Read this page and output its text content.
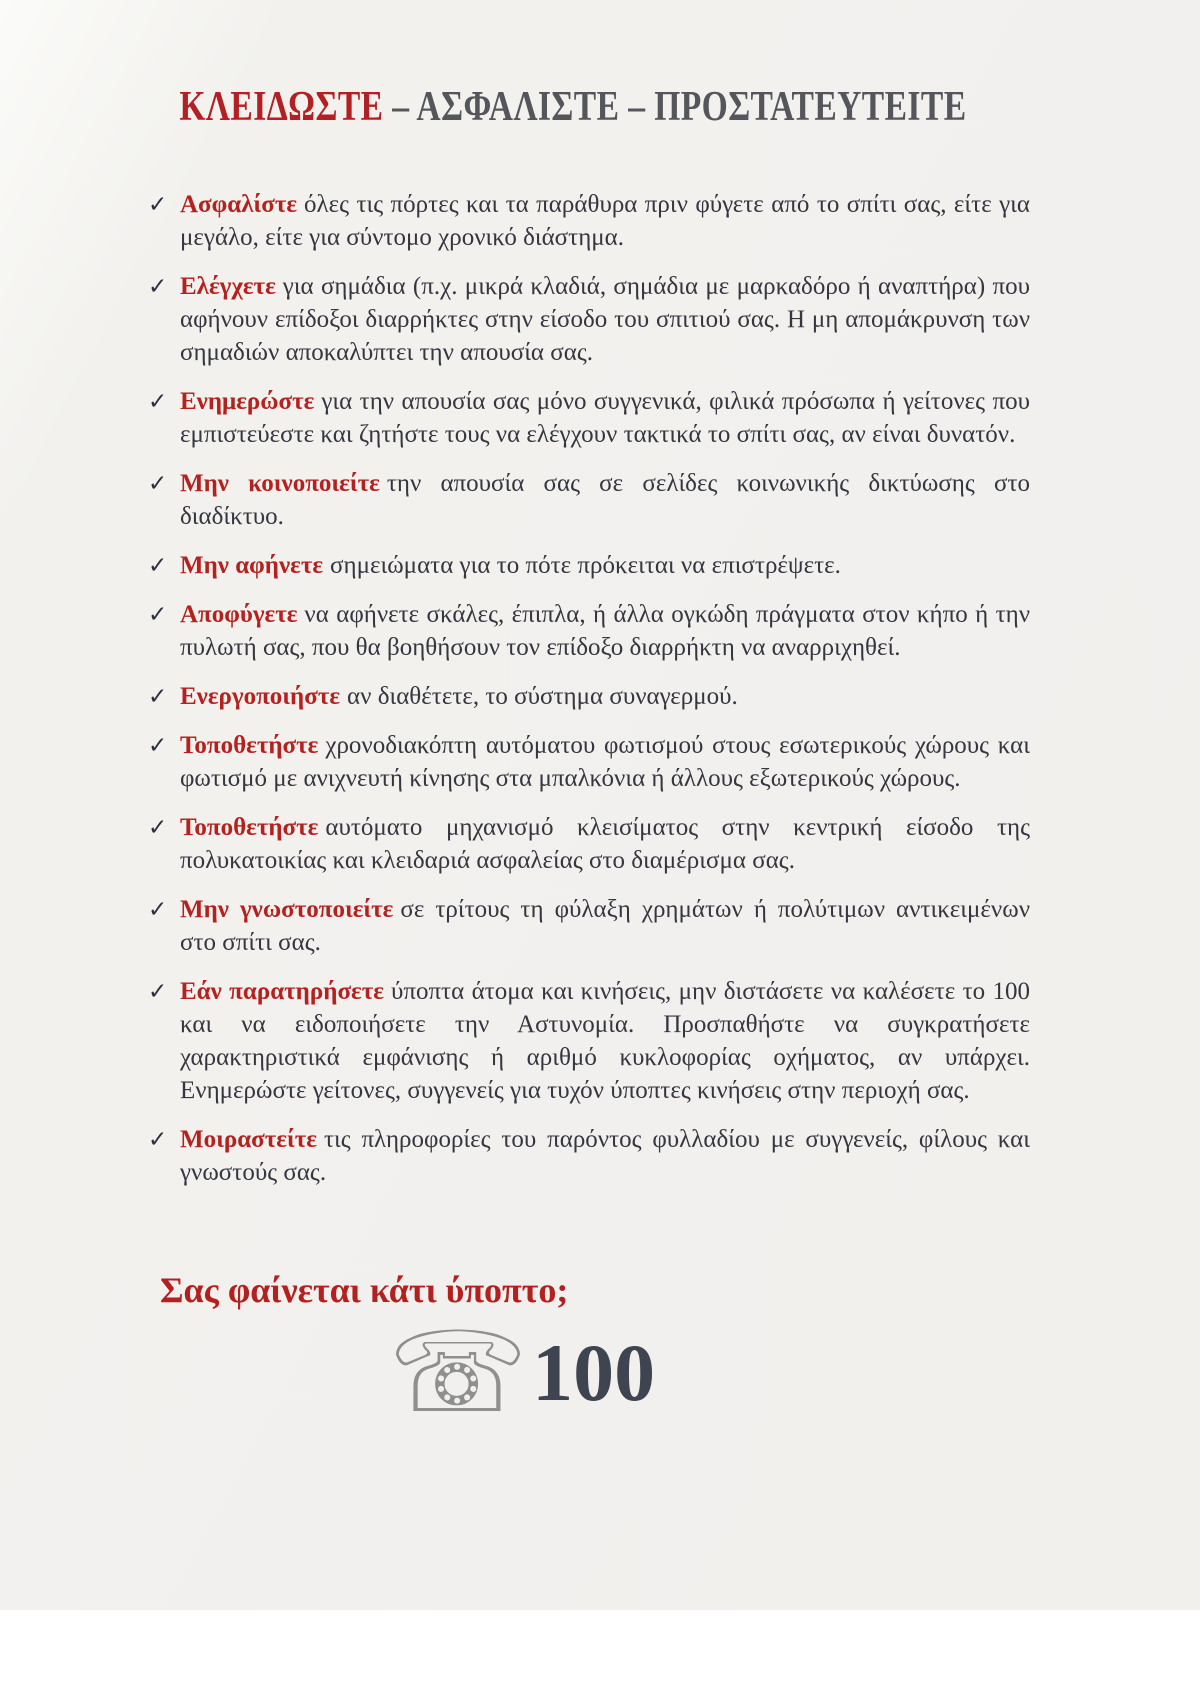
ΚΛΕΙΔΩΣΤΕ – ΑΣΦΑΛΙΣΤΕ – ΠΡΟΣΤΑΤΕΥΤΕΙΤΕ
✓ Ασφαλίστε όλες τις πόρτες και τα παράθυρα πριν φύγετε από το σπίτι σας, είτε για μεγάλο, είτε για σύντομο χρονικό διάστημα.
✓ Ελέγχετε για σημάδια (π.χ. μικρά κλαδιά, σημάδια με μαρκαδόρο ή αναπτήρα) που αφήνουν επίδοξοι διαρρήκτες στην είσοδο του σπιτιού σας. Η μη απομάκρυνση των σημαδιών αποκαλύπτει την απουσία σας.
✓ Ενημερώστε για την απουσία σας μόνο συγγενικά, φιλικά πρόσωπα ή γείτονες που εμπιστεύεστε και ζητήστε τους να ελέγχουν τακτικά το σπίτι σας, αν είναι δυνατόν.
✓ Μην κοινοποιείτε την απουσία σας σε σελίδες κοινωνικής δικτύωσης στο διαδίκτυο.
✓ Μην αφήνετε σημειώματα για το πότε πρόκειται να επιστρέψετε.
✓ Αποφύγετε να αφήνετε σκάλες, έπιπλα, ή άλλα ογκώδη πράγματα στον κήπο ή την πυλωτή σας, που θα βοηθήσουν τον επίδοξο διαρρήκτη να αναρριχηθεί.
✓ Ενεργοποιήστε αν διαθέτετε, το σύστημα συναγερμού.
✓ Τοποθετήστε χρονοδιακόπτη αυτόματου φωτισμού στους εσωτερικούς χώρους και φωτισμό με ανιχνευτή κίνησης στα μπαλκόνια ή άλλους εξωτερικούς χώρους.
✓ Τοποθετήστε αυτόματο μηχανισμό κλεισίματος στην κεντρική είσοδο της πολυκατοικίας και κλειδαριά ασφαλείας στο διαμέρισμα σας.
✓ Μην γνωστοποιείτε σε τρίτους τη φύλαξη χρημάτων ή πολύτιμων αντικειμένων στο σπίτι σας.
✓ Εάν παρατηρήσετε ύποπτα άτομα και κινήσεις, μην διστάσετε να καλέσετε το 100 και να ειδοποιήσετε την Αστυνομία. Προσπαθήστε να συγκρατήσετε χαρακτηριστικά εμφάνισης ή αριθμό κυκλοφορίας οχήματος, αν υπάρχει. Ενημερώστε γείτονες, συγγενείς για τυχόν ύποπτες κινήσεις στην περιοχή σας.
✓ Μοιραστείτε τις πληροφορίες του παρόντος φυλλαδίου με συγγενείς, φίλους και γνωστούς σας.
Σας φαίνεται κάτι ύποπτο;
☏ 100
